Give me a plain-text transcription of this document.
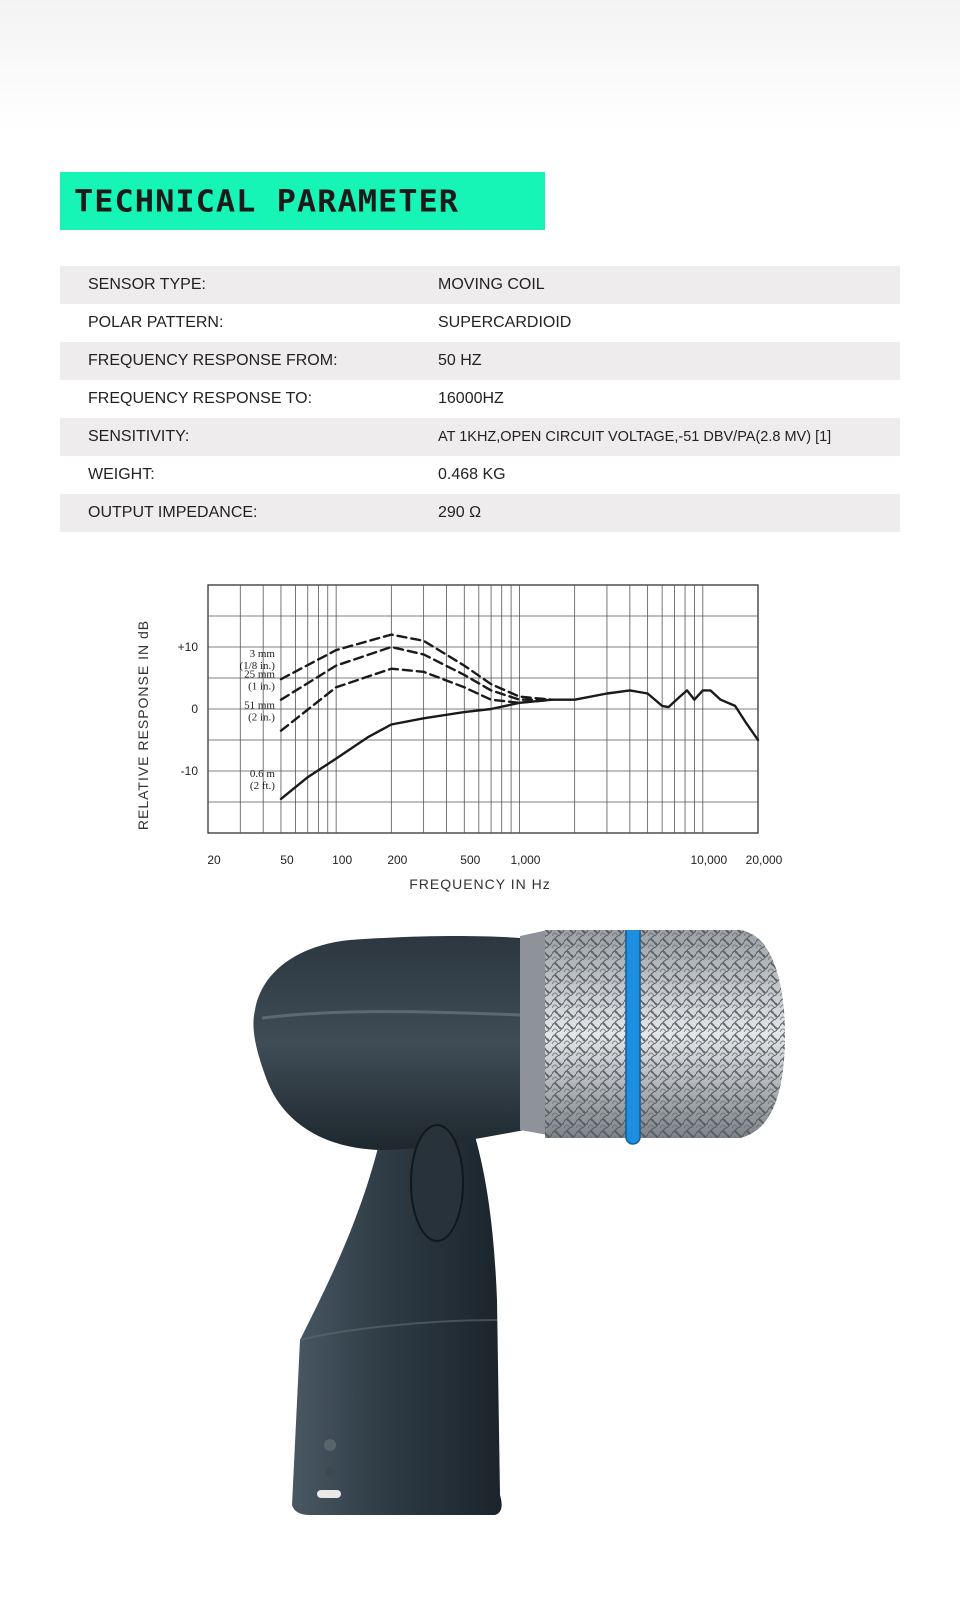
TECHNICAL PARAMETER
SENSOR TYPE:	MOVING COIL
POLAR PATTERN:	SUPERCARDIOID
FREQUENCY RESPONSE FROM:	50 HZ
FREQUENCY RESPONSE TO:	16000HZ
SENSITIVITY:	AT 1KHZ,OPEN CIRCUIT VOLTAGE,-51 DBV/PA(2.8 MV) [1]
WEIGHT:	0.468 KG
OUTPUT IMPEDANCE:	290 Ω
3 mm
(1/8 in.)
25 mm
(1 in.)
51 mm
(2 in.)
0.6 m
(2 ft.)
20	50	100	200	500	1,000	10,000 20,000
+10
0
-10
FREQUENCY IN Hz
RELATIVE RESPONSE IN dB
